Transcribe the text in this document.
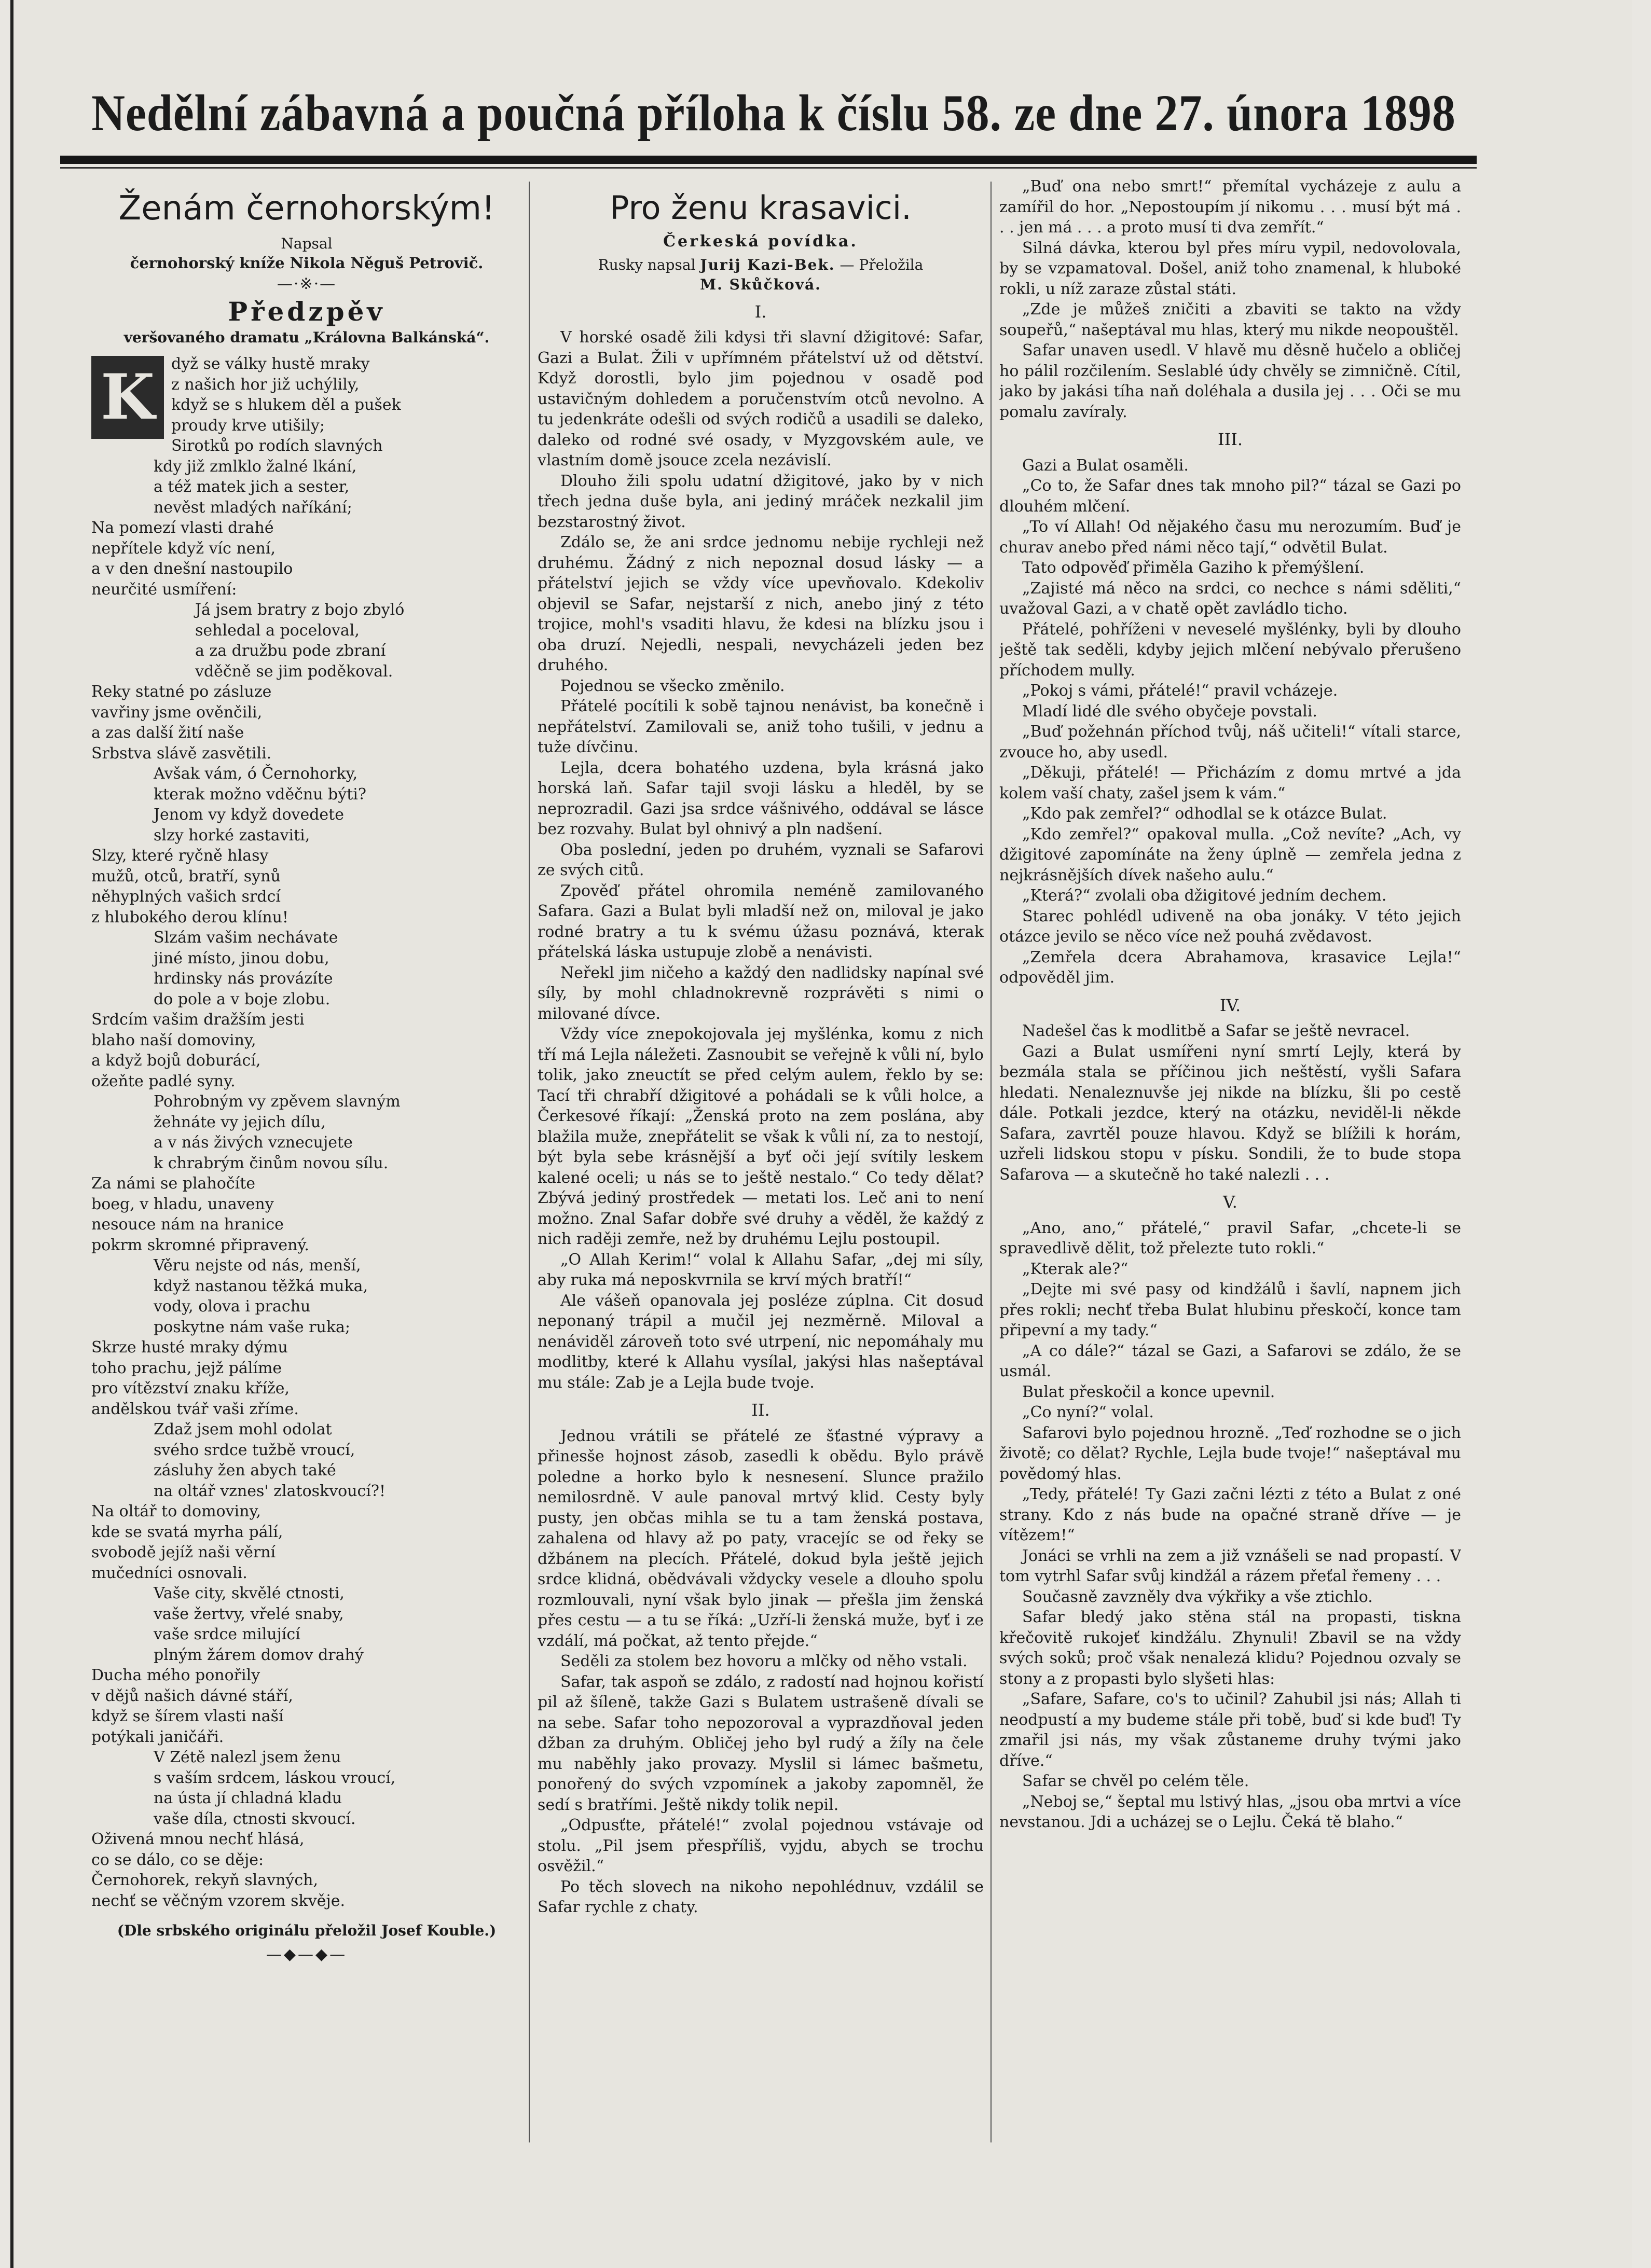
Nedělní zábavná a poučná příloha k číslu 58. ze dne 27. února 1898
Ženám černohorským!
Napsal
černohorský kníže Nikola Něguš Petrovič.
—·※·—
Předzpěv
veršovaného dramatu „Královna Balkánská“.
K	dyž se války hustě mraky
z našich hor již uchýlily,
když se s hlukem děl a pušek
proudy krve utišily;
Sirotků po rodích slavných
kdy již zmlklo žalné lkání,
a též matek jich a sester,
nevěst mladých naříkání;
Na pomezí vlasti drahé
nepřítele když víc není,
a v den dnešní nastoupilo
neurčité usmíření:
Já jsem bratry z bojo zbyló
sehledal a poceloval,
a za družbu pode zbraní
vděčně se jim poděkoval.
Reky statné po zásluze
vavřiny jsme ověnčili,
a zas další žití naše
Srbstva slávě zasvětili.
Avšak vám, ó Černohorky,
kterak možno vděčnu býti?
Jenom vy když dovedete
slzy horké zastaviti,
Slzy, které ryčně hlasy
mužů, otců, bratří, synů
něhyplných vašich srdcí
z hlubokého derou klínu!
Slzám vašim nechávate
jiné místo, jinou dobu,
hrdinsky nás provázíte
do pole a v boje zlobu.
Srdcím vašim dražším jesti
blaho naší domoviny,
a když bojů doburácí,
ožeňte padlé syny.
Pohrobným vy zpěvem slavným
žehnáte vy jejich dílu,
a v nás živých vznecujete
k chrabrým činům novou sílu.
Za námi se plahočíte
boeg, v hladu, unaveny
nesouce nám na hranice
pokrm skromné připravený.
Věru nejste od nás, menší,
když nastanou těžká muka,
vody, olova i prachu
poskytne nám vaše ruka;
Skrze husté mraky dýmu
toho prachu, jejž pálíme
pro vítězství znaku kříže,
andělskou tvář vaši zříme.
Zdaž jsem mohl odolat
svého srdce tužbě vroucí,
zásluhy žen abych také
na oltář vznes' zlatoskvoucí?!
Na oltář to domoviny,
kde se svatá myrha pálí,
svobodě jejíž naši věrní
mučedníci osnovali.
Vaše city, skvělé ctnosti,
vaše žertvy, vřelé snaby,
vaše srdce milující
plným žárem domov drahý
Ducha mého ponořily
v dějů našich dávné stáří,
když se šírem vlasti naší
potýkali janičáři.
V Zétě nalezl jsem ženu
s vaším srdcem, láskou vroucí,
na ústa jí chladná kladu
vaše díla, ctnosti skvoucí.
Oživená mnou nechť hlásá,
co se dálo, co se děje:
Černohorek, rekyň slavných,
nechť se věčným vzorem skvěje.
(Dle srbského originálu přeložil Josef Kouble.)
—◆—◆—
Pro ženu krasavici.
Čerkeská povídka.
Rusky napsal Jurij Kazi-Bek. — Přeložila
M. Skůčková.
I.
V horské osadě žili kdysi tři slavní džigitové: Safar, Gazi a Bulat. Žili v upřímném přátelství už od dětství. Když dorostli, bylo jim pojednou v osadě pod ustavičným dohledem a poručenstvím otců nevolno. A tu jedenkráte odešli od svých rodičů a usadili se daleko, daleko od rodné své osady, v Myzgovském aule, ve vlastním domě jsouce zcela nezávislí.
Dlouho žili spolu udatní džigitové, jako by v nich třech jedna duše byla, ani jediný mráček nezkalil jim bezstarostný život.
Zdálo se, že ani srdce jednomu nebije rychleji než druhému. Žádný z nich nepoznal dosud lásky — a přátelství jejich se vždy více upevňovalo. Kdekoliv objevil se Safar, nejstarší z nich, anebo jiný z této trojice, mohl's vsaditi hlavu, že kdesi na blízku jsou i oba druzí. Nejedli, nespali, nevycházeli jeden bez druhého.
Pojednou se všecko změnilo.
Přátelé pocítili k sobě tajnou nenávist, ba konečně i nepřátelství. Zamilovali se, aniž toho tušili, v jednu a tuže dívčinu.
Lejla, dcera bohatého uzdena, byla krásná jako horská laň. Safar tajil svoji lásku a hleděl, by se neprozradil. Gazi jsa srdce vášnivého, oddával se lásce bez rozvahy. Bulat byl ohnivý a pln nadšení.
Oba poslední, jeden po druhém, vyznali se Safarovi ze svých citů.
Zpověď přátel ohromila neméně zamilovaného Safara. Gazi a Bulat byli mladší než on, miloval je jako rodné bratry a tu k svému úžasu poznává, kterak přátelská láska ustupuje zlobě a nenávisti.
Neřekl jim ničeho a každý den nadlidsky napínal své síly, by mohl chladnokrevně rozprávěti s nimi o milované dívce.
Vždy více znepokojovala jej myšlénka, komu z nich tří má Lejla náležeti. Zasnoubit se veřejně k vůli ní, bylo tolik, jako zneuctít se před celým aulem, řeklo by se: Tací tři chrabří džigitové a pohádali se k vůli holce, a Čerkesové říkají: „Ženská proto na zem poslána, aby blažila muže, znepřátelit se však k vůli ní, za to nestojí, být byla sebe krásnější a byť oči její svítily leskem kalené oceli; u nás se to ještě nestalo.“ Co tedy dělat? Zbývá jediný prostředek — metati los. Leč ani to není možno. Znal Safar dobře své druhy a věděl, že každý z nich raději zemře, než by druhému Lejlu postoupil.
„O Allah Kerim!“ volal k Allahu Safar, „dej mi síly, aby ruka má neposkvrnila se krví mých bratří!“
Ale vášeň opanovala jej posléze zúplna. Cit dosud neponaný trápil a mučil jej nezměrně. Miloval a nenáviděl zároveň toto své utrpení, nic nepomáhaly mu modlitby, které k Allahu vysílal, jakýsi hlas našeptával mu stále: Zab je a Lejla bude tvoje.
II.
Jednou vrátili se přátelé ze šťastné výpravy a přinesše hojnost zásob, zasedli k obědu. Bylo právě poledne a horko bylo k nesnesení. Slunce pražilo nemilosrdně. V aule panoval mrtvý klid. Cesty byly pusty, jen občas mihla se tu a tam ženská postava, zahalena od hlavy až po paty, vracejíc se od řeky se džbánem na plecích. Přátelé, dokud byla ještě jejich srdce klidná, obědvávali vždycky vesele a dlouho spolu rozmlouvali, nyní však bylo jinak — přešla jim ženská přes cestu — a tu se říká: „Uzří-li ženská muže, byť i ze vzdálí, má počkat, až tento přejde.“
Seděli za stolem bez hovoru a mlčky od něho vstali.
Safar, tak aspoň se zdálo, z radostí nad hojnou kořistí pil až šíleně, takže Gazi s Bulatem ustrašeně dívali se na sebe. Safar toho nepozoroval a vyprazdňoval jeden džban za druhým. Obličej jeho byl rudý a žíly na čele mu naběhly jako provazy. Myslil si lámec bašmetu, ponořený do svých vzpomínek a jakoby zapomněl, že sedí s bratřími. Ještě nikdy tolik nepil.
„Odpusťte, přátelé!“ zvolal pojednou vstávaje od stolu. „Pil jsem přespříliš, vyjdu, abych se trochu osvěžil.“
Po těch slovech na nikoho nepohlédnuv, vzdálil se Safar rychle z chaty.
„Buď ona nebo smrt!“ přemítal vycházeje z aulu a zamířil do hor. „Nepostoupím jí nikomu . . . musí být má . . . jen má . . . a proto musí ti dva zemřít.“
Silná dávka, kterou byl přes míru vypil, nedovolovala, by se vzpamatoval. Došel, aniž toho znamenal, k hluboké rokli, u níž zaraze zůstal státi.
„Zde je můžeš zničiti a zbaviti se takto na vždy soupeřů,“ našeptával mu hlas, který mu nikde neopouštěl.
Safar unaven usedl. V hlavě mu děsně hučelo a obličej ho pálil rozčilením. Seslablé údy chvěly se zimničně. Cítil, jako by jakási tíha naň doléhala a dusila jej . . . Oči se mu pomalu zavíraly.
III.
Gazi a Bulat osaměli.
„Co to, že Safar dnes tak mnoho pil?“ tázal se Gazi po dlouhém mlčení.
„To ví Allah! Od nějakého času mu nerozumím. Buď je churav anebo před námi něco tají,“ odvětil Bulat.
Tato odpověď přiměla Gaziho k přemýšlení.
„Zajisté má něco na srdci, co nechce s námi sděliti,“ uvažoval Gazi, a v chatě opět zavládlo ticho.
Přátelé, pohříženi v neveselé myšlénky, byli by dlouho ještě tak seděli, kdyby jejich mlčení nebývalo přerušeno příchodem mully.
„Pokoj s vámi, přátelé!“ pravil vcházeje.
Mladí lidé dle svého obyčeje povstali.
„Buď požehnán příchod tvůj, náš učiteli!“ vítali starce, zvouce ho, aby usedl.
„Děkuji, přátelé! — Přicházím z domu mrtvé a jda kolem vaší chaty, zašel jsem k vám.“
„Kdo pak zemřel?“ odhodlal se k otázce Bulat.
„Kdo zemřel?“ opakoval mulla. „Což nevíte? „Ach, vy džigitové zapomínáte na ženy úplně — zemřela jedna z nejkrásnějších dívek našeho aulu.“
„Která?“ zvolali oba džigitové jedním dechem.
Starec pohlédl udiveně na oba jonáky. V této jejich otázce jevilo se něco více než pouhá zvědavost.
„Zemřela dcera Abrahamova, krasavice Lejla!“ odpověděl jim.
IV.
Nadešel čas k modlitbě a Safar se ještě nevracel.
Gazi a Bulat usmířeni nyní smrtí Lejly, která by bezmála stala se příčinou jich neštěstí, vyšli Safara hledati. Nenaleznuvše jej nikde na blízku, šli po cestě dále. Potkali jezdce, který na otázku, neviděl-li někde Safara, zavrtěl pouze hlavou. Když se blížili k horám, uzřeli lidskou stopu v písku. Sondili, že to bude stopa Safarova — a skutečně ho také nalezli . . .
V.
„Ano, ano,“ přátelé,“ pravil Safar, „chcete-li se spravedlivě dělit, tož přelezte tuto rokli.“
„Kterak ale?“
„Dejte mi své pasy od kindžálů i šavlí, napnem jich přes rokli; nechť třeba Bulat hlubinu přeskočí, konce tam připevní a my tady.“
„A co dále?“ tázal se Gazi, a Safarovi se zdálo, že se usmál.
Bulat přeskočil a konce upevnil.
„Co nyní?“ volal.
Safarovi bylo pojednou hrozně. „Teď rozhodne se o jich životě; co dělat? Rychle, Lejla bude tvoje!“ našeptával mu povědomý hlas.
„Tedy, přátelé! Ty Gazi začni lézti z této a Bulat z oné strany. Kdo z nás bude na opačné straně dříve — je vítězem!“
Jonáci se vrhli na zem a již vznášeli se nad propastí. V tom vytrhl Safar svůj kindžál a rázem přeťal řemeny . . .
Současně zavzněly dva výkřiky a vše ztichlo.
Safar bledý jako stěna stál na propasti, tiskna křečovitě rukojeť kindžálu. Zhynuli! Zbavil se na vždy svých soků; proč však nenalezá klidu? Pojednou ozvaly se stony a z propasti bylo slyšeti hlas:
„Safare, Safare, co's to učinil? Zahubil jsi nás; Allah ti neodpustí a my budeme stále při tobě, buď si kde buď! Ty zmařil jsi nás, my však zůstaneme druhy tvými jako dříve.“
Safar se chvěl po celém těle.
„Neboj se,“ šeptal mu lstivý hlas, „jsou oba mrtvi a více nevstanou. Jdi a ucházej se o Lejlu. Čeká tě blaho.“
